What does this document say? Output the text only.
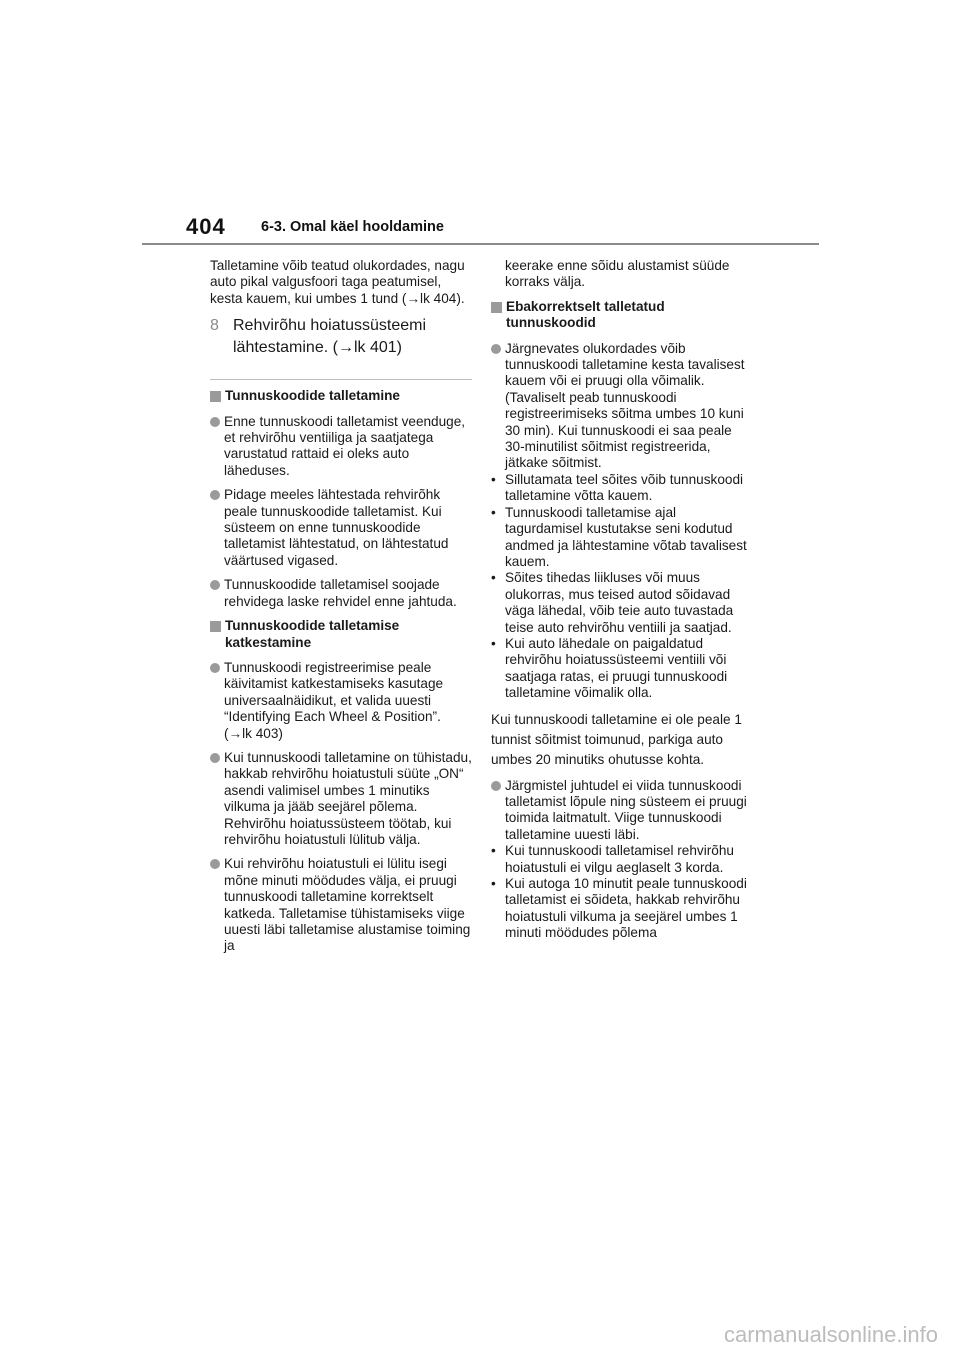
404 6-3. Omal käel hooldamine
Talletamine võib teatud olukordades, nagu auto pikal valgusfoori taga peatumisel, kesta kauem, kui umbes 1 tund (→lk 404).
8 Rehvirõhu hoiatussüsteemi lähtestamine. (→lk 401)
Tunnuskoodide talletamine
Enne tunnuskoodi talletamist veenduge, et rehvirõhu ventiiliga ja saatjatega varustatud rattaid ei oleks auto läheduses.
Pidage meeles lähtestada rehvirõhk peale tunnuskoodide talletamist. Kui süsteem on enne tunnuskoodide talletamist lähtestatud, on lähtestatud väärtused vigased.
Tunnuskoodide talletamisel soojade rehvidega laske rehvidel enne jahtuda.
Tunnuskoodide talletamise katkestamine
Tunnuskoodi registreerimise peale käivitamist katkestamiseks kasutage universaalnäidikut, et valida uuesti “Identifying Each Wheel & Position”. (→lk 403)
Kui tunnuskoodi talletamine on tühistadu, hakkab rehvirõhu hoiatustuli süüte „ON“ asendi valimisel umbes 1 minutiks vilkuma ja jääb seejärel põlema. Rehvirõhu hoiatussüsteem töötab, kui rehvirõhu hoiatustuli lülitub välja.
Kui rehvirõhu hoiatustuli ei lülitu isegi mõne minuti möödudes välja, ei pruugi tunnuskoodi talletamine korrektselt katkeda. Talletamise tühistamiseks viige uuesti läbi talletamise alustamise toiming ja
keerake enne sõidu alustamist süüde korraks välja.
Ebakorrektselt talletatud tunnuskoodid
Järgnevates olukordades võib tunnuskoodi talletamine kesta tavalisest kauem või ei pruugi olla võimalik. (Tavaliselt peab tunnuskoodi registreerimiseks sõitma umbes 10 kuni 30 min). Kui tunnuskoodi ei saa peale 30-minutilist sõitmist registreerida, jätkake sõitmist.
• Sillutamata teel sõites võib tunnuskoodi talletamine võtta kauem.
• Tunnuskoodi talletamise ajal tagurdamisel kustutakse seni kodutud andmed ja lähtestamine võtab tavalisest kauem.
• Sõites tihedas liikluses või muus olukorras, mus teised autod sõidavad väga lähedal, võib teie auto tuvastada teise auto rehvirõhu ventiili ja saatjad.
• Kui auto lähedale on paigaldatud rehvirõhu hoiatussüsteemi ventiili või saatjaga ratas, ei pruugi tunnuskoodi talletamine võimalik olla.
Kui tunnuskoodi talletamine ei ole peale 1 tunnist sõitmist toimunud, parkiga auto umbes 20 minutiks ohutusse kohta.
Järgmistel juhtudel ei viida tunnuskoodi talletamist lõpule ning süsteem ei pruugi toimida laitmatult. Viige tunnuskoodi talletamine uuesti läbi.
• Kui tunnuskoodi talletamisel rehvirõhu hoiatustuli ei vilgu aeglaselt 3 korda.
• Kui autoga 10 minutit peale tunnuskoodi talletamist ei sõideta, hakkab rehvirõhu hoiatustuli vilkuma ja seejärel umbes 1 minuti möödudes põlema
carmanualsonline.info
